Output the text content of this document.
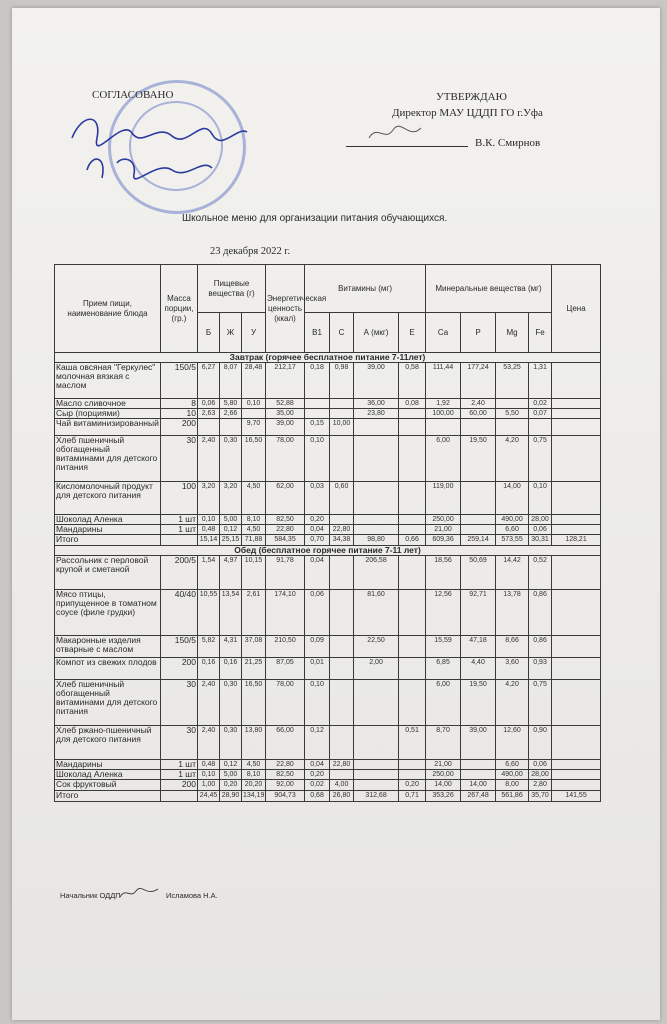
СОГЛАСОВАНО	УТВЕРЖДАЮ
Директор МАУ ЦДДП ГО г.Уфа
В.К. Смирнов
Школьное меню для организации питания обучающихся.
23 декабря 2022 г.
Прием пищи, наименование блюда	Масса порции, (гр.)	Пищевые вещества (г)			Энергетическая ценность (ккал)	Витамины (мг)				Минеральные вещества (мг)				Цена
		Б	Ж	У		В1	С	А (мкг)	Е	Са	Р	Mg	Fe	
Завтрак (горячее бесплатное питание 7-11лет)														
Каша овсяная "Геркулес" молочная вязкая с маслом	150/5	6,27	8,07	28,48	212,17	0,18	0,98	39,00	0,58	111,44	177,24	53,25	1,31	
Масло сливочное	8	0,06	5,80	0,10	52,88			36,00	0,08	1,92	2,40		0,02	
Сыр (порциями)	10	2,63	2,66		35,00			23,80		100,00	60,00	5,50	0,07	
Чай витаминизированный	200			9,70	39,00	0,15	10,00							
Хлеб пшеничный обогащенный витаминами для детского питания	30	2,40	0,30	16,50	78,00	0,10				6,00	19,50	4,20	0,75	
Кисломолочный продукт для детского питания	100	3,20	3,20	4,50	62,00	0,03	0,60			119,00		14,00	0,10	
Шоколад Аленка	1 шт	0,10	5,00	8,10	82,50	0,20				250,00		490,00	28,00	
Мандарины	1 шт	0,48	0,12	4,50	22,80	0,04	22,80			21,00		6,60	0,06	
Итого		15,14	25,15	71,88	584,35	0,70	34,38	98,80	0,66	609,36	259,14	573,55	30,31	128,21
Обед (бесплатное горячее питание 7-11 лет)														
Рассольник с перловой крупой и сметаной	200/5	1,54	4,97	10,15	91,78	0,04		206,58		18,56	50,69	14,42	0,52	
Мясо птицы, припущенное в томатном соусе (филе грудки)	40/40	10,55	13,54	2,61	174,10	0,06		81,60		12,56	92,71	13,78	0,86	
Макаронные изделия отварные с маслом	150/5	5,82	4,31	37,08	210,50	0,09		22,50		15,59	47,18	8,66	0,86	
Компот из свежих плодов	200	0,16	0,16	21,25	87,05	0,01		2,00		6,85	4,40	3,60	0,93	
Хлеб пшеничный обогащенный витаминами для детского питания	30	2,40	0,30	16,50	78,00	0,10				6,00	19,50	4,20	0,75	
Хлеб ржано-пшеничный для детского питания	30	2,40	0,30	13,80	66,00	0,12			0,51	8,70	39,00	12,60	0,90	
Мандарины	1 шт	0,48	0,12	4,50	22,80	0,04	22,80			21,00		6,60	0,06	
Шоколад Аленка	1 шт	0,10	5,00	8,10	82,50	0,20				250,00		490,00	28,00	
Сок фруктовый	200	1,00	0,20	20,20	92,00	0,02	4,00		0,20	14,00	14,00	8,00	2,80	
Итого		24,45	28,90	134,19	904,73	0,68	26,80	312,68	0,71	353,26	267,48	561,86	35,70	141,55
Начальник ОДДП	Исламова Н.А.
